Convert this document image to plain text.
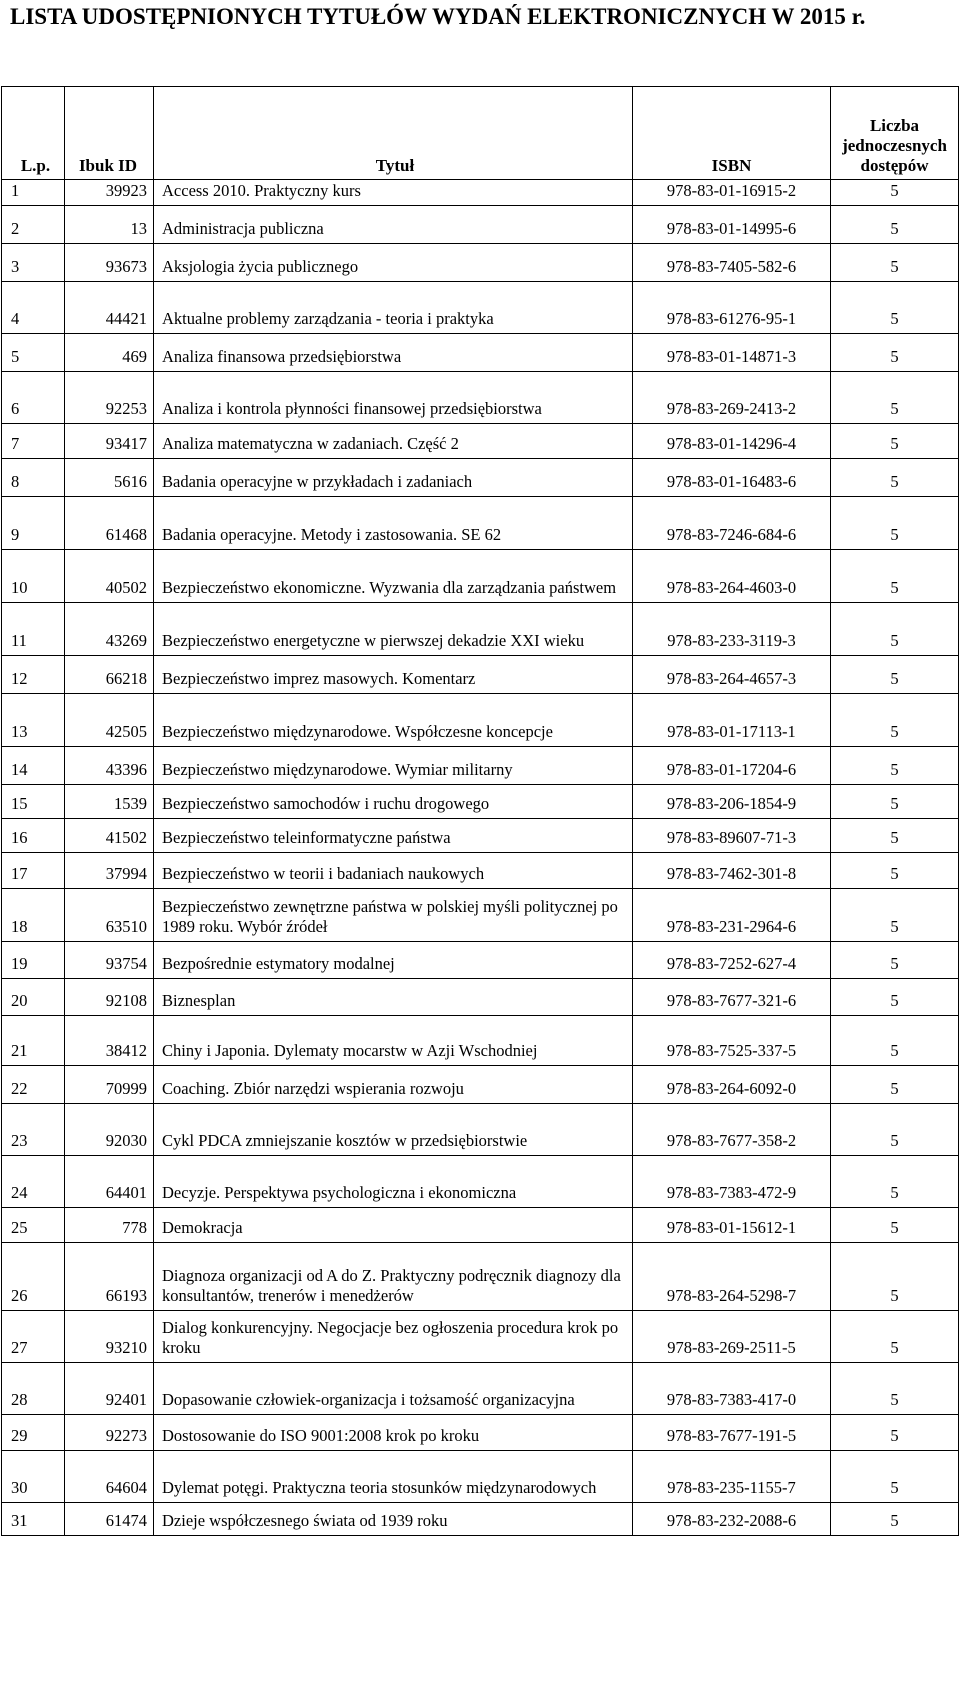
LISTA UDOSTĘPNIONYCH TYTUŁÓW WYDAŃ ELEKTRONICZNYCH W 2015 r.
L.p.	Ibuk ID	Tytuł	ISBN	Liczba jednoczesnych dostępów
1	39923	Access 2010. Praktyczny kurs	978-83-01-16915-2	5
2	13	Administracja publiczna	978-83-01-14995-6	5
3	93673	Aksjologia życia publicznego	978-83-7405-582-6	5
4	44421	Aktualne problemy zarządzania - teoria i praktyka	978-83-61276-95-1	5
5	469	Analiza finansowa przedsiębiorstwa	978-83-01-14871-3	5
6	92253	Analiza i kontrola płynności finansowej przedsiębiorstwa	978-83-269-2413-2	5
7	93417	Analiza matematyczna w zadaniach. Część 2	978-83-01-14296-4	5
8	5616	Badania operacyjne w przykładach i zadaniach	978-83-01-16483-6	5
9	61468	Badania operacyjne. Metody i zastosowania. SE 62	978-83-7246-684-6	5
10	40502	Bezpieczeństwo ekonomiczne. Wyzwania dla zarządzania państwem	978-83-264-4603-0	5
11	43269	Bezpieczeństwo energetyczne w pierwszej dekadzie XXI wieku	978-83-233-3119-3	5
12	66218	Bezpieczeństwo imprez masowych. Komentarz	978-83-264-4657-3	5
13	42505	Bezpieczeństwo międzynarodowe. Współczesne koncepcje	978-83-01-17113-1	5
14	43396	Bezpieczeństwo międzynarodowe. Wymiar militarny	978-83-01-17204-6	5
15	1539	Bezpieczeństwo samochodów i ruchu drogowego	978-83-206-1854-9	5
16	41502	Bezpieczeństwo teleinformatyczne państwa	978-83-89607-71-3	5
17	37994	Bezpieczeństwo w teorii i badaniach naukowych	978-83-7462-301-8	5
18	63510	Bezpieczeństwo zewnętrzne państwa w polskiej myśli politycznej po 1989 roku. Wybór źródeł	978-83-231-2964-6	5
19	93754	Bezpośrednie estymatory modalnej	978-83-7252-627-4	5
20	92108	Biznesplan	978-83-7677-321-6	5
21	38412	Chiny i Japonia. Dylematy mocarstw w Azji Wschodniej	978-83-7525-337-5	5
22	70999	Coaching. Zbiór narzędzi wspierania rozwoju	978-83-264-6092-0	5
23	92030	Cykl PDCA zmniejszanie kosztów w przedsiębiorstwie	978-83-7677-358-2	5
24	64401	Decyzje. Perspektywa psychologiczna i ekonomiczna	978-83-7383-472-9	5
25	778	Demokracja	978-83-01-15612-1	5
26	66193	Diagnoza organizacji od A do Z. Praktyczny podręcznik diagnozy dla konsultantów, trenerów i menedżerów	978-83-264-5298-7	5
27	93210	Dialog konkurencyjny. Negocjacje bez ogłoszenia procedura krok po kroku	978-83-269-2511-5	5
28	92401	Dopasowanie człowiek-organizacja i tożsamość organizacyjna	978-83-7383-417-0	5
29	92273	Dostosowanie do ISO 9001:2008 krok po kroku	978-83-7677-191-5	5
30	64604	Dylemat potęgi. Praktyczna teoria stosunków międzynarodowych	978-83-235-1155-7	5
31	61474	Dzieje współczesnego świata od 1939 roku	978-83-232-2088-6	5
